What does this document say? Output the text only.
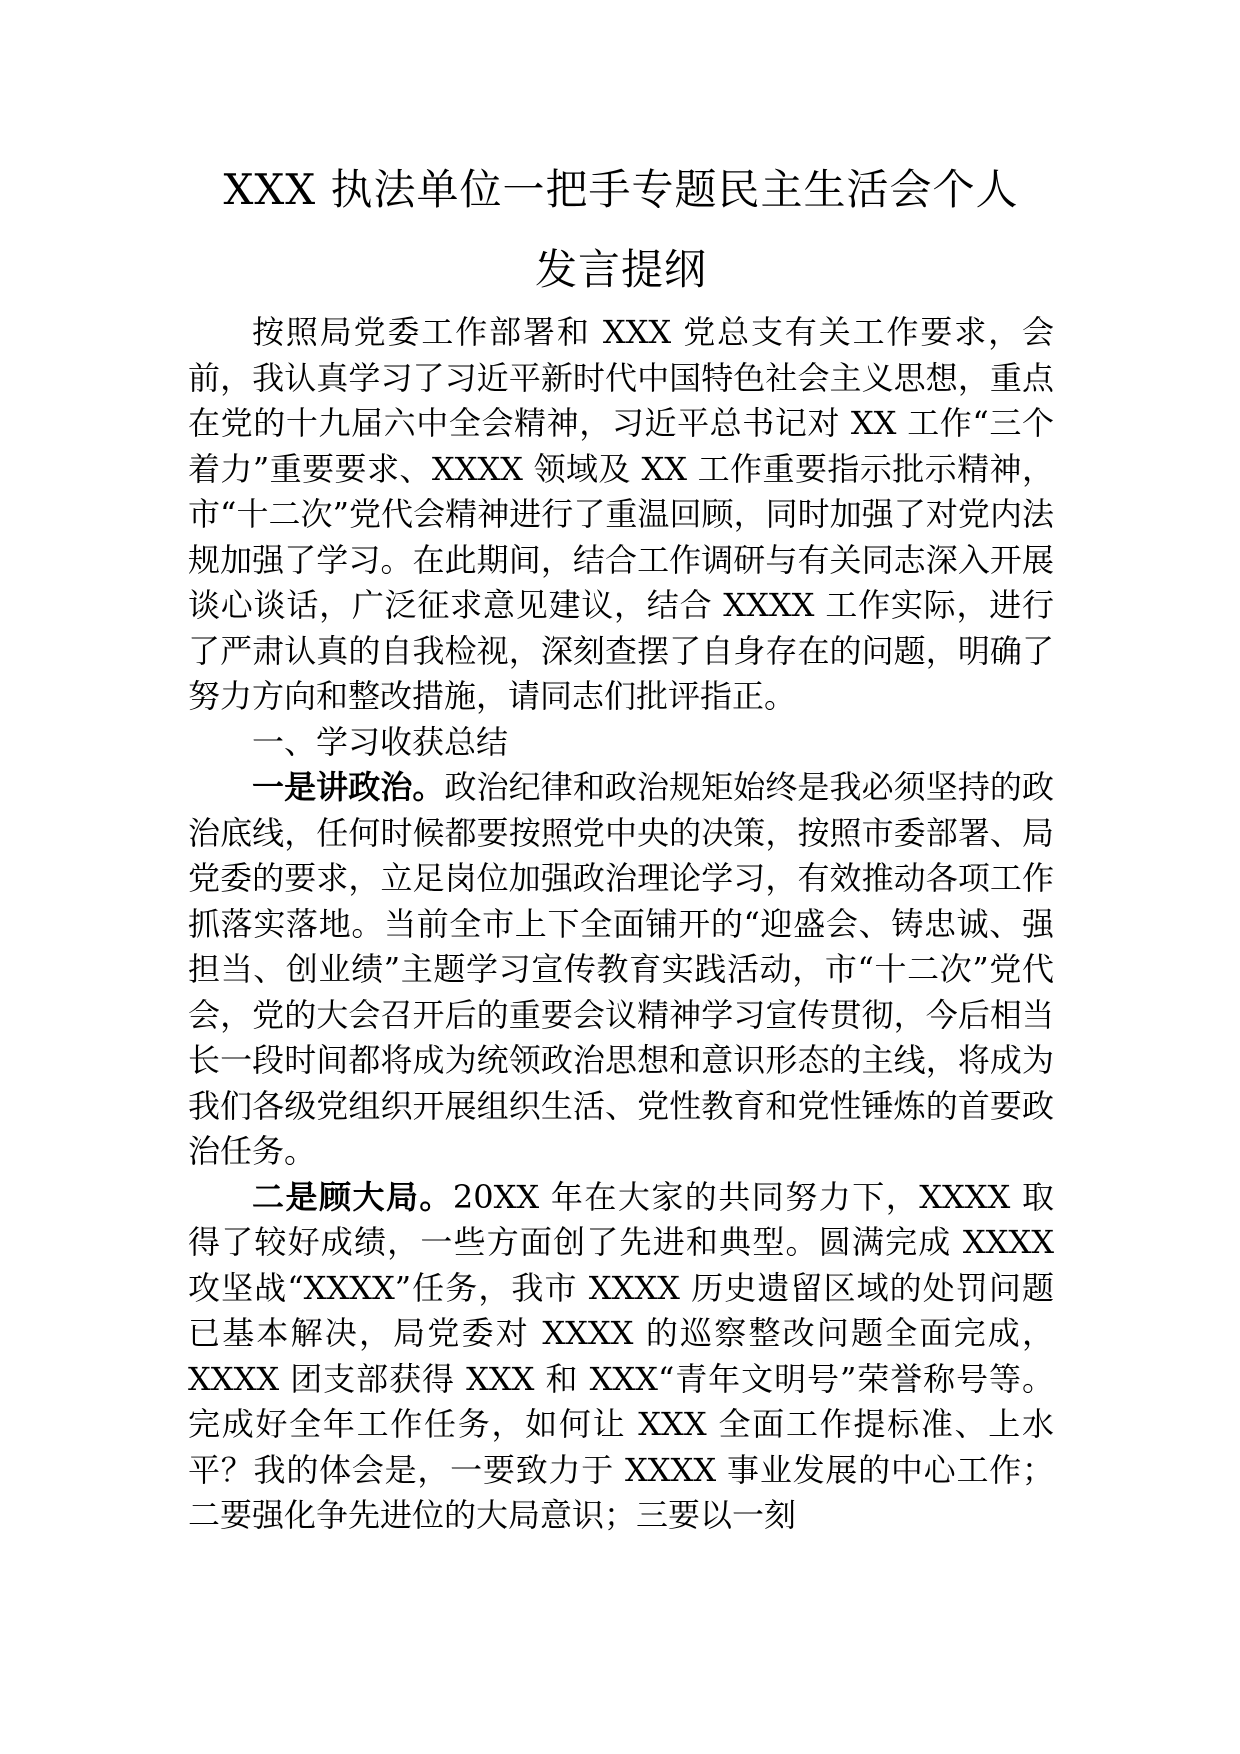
XXX 执法单位一把手专题民主生活会个人
发言提纲

按照局党委工作部署和 XXX 党总支有关工作要求，会前，我认真学习了习近平新时代中国特色社会主义思想，重点在党的十九届六中全会精神，习近平总书记对 XX 工作“三个着力”重要要求、XXXX 领域及 XX 工作重要指示批示精神，市“十二次”党代会精神进行了重温回顾，同时加强了对党内法规加强了学习。在此期间，结合工作调研与有关同志深入开展谈心谈话，广泛征求意见建议，结合 XXXX 工作实际，进行了严肃认真的自我检视，深刻查摆了自身存在的问题，明确了努力方向和整改措施，请同志们批评指正。

一、学习收获总结

一是讲政治。政治纪律和政治规矩始终是我必须坚持的政治底线，任何时候都要按照党中央的决策，按照市委部署、局党委的要求，立足岗位加强政治理论学习，有效推动各项工作抓落实落地。当前全市上下全面铺开的“迎盛会、铸忠诚、强担当、创业绩”主题学习宣传教育实践活动，市“十二次”党代会，党的大会召开后的重要会议精神学习宣传贯彻，今后相当长一段时间都将成为统领政治思想和意识形态的主线，将成为我们各级党组织开展组织生活、党性教育和党性锤炼的首要政治任务。

二是顾大局。20XX 年在大家的共同努力下，XXXX 取得了较好成绩，一些方面创了先进和典型。圆满完成 XXXX 攻坚战“XXXX”任务，我市 XXXX 历史遗留区域的处罚问题已基本解决，局党委对 XXXX 的巡察整改问题全面完成，XXXX 团支部获得 XXX 和 XXX“青年文明号”荣誉称号等。完成好全年工作任务，如何让 XXX 全面工作提标准、上水平？我的体会是，一要致力于 XXXX 事业发展的中心工作；二要强化争先进位的大局意识；三要以一刻
